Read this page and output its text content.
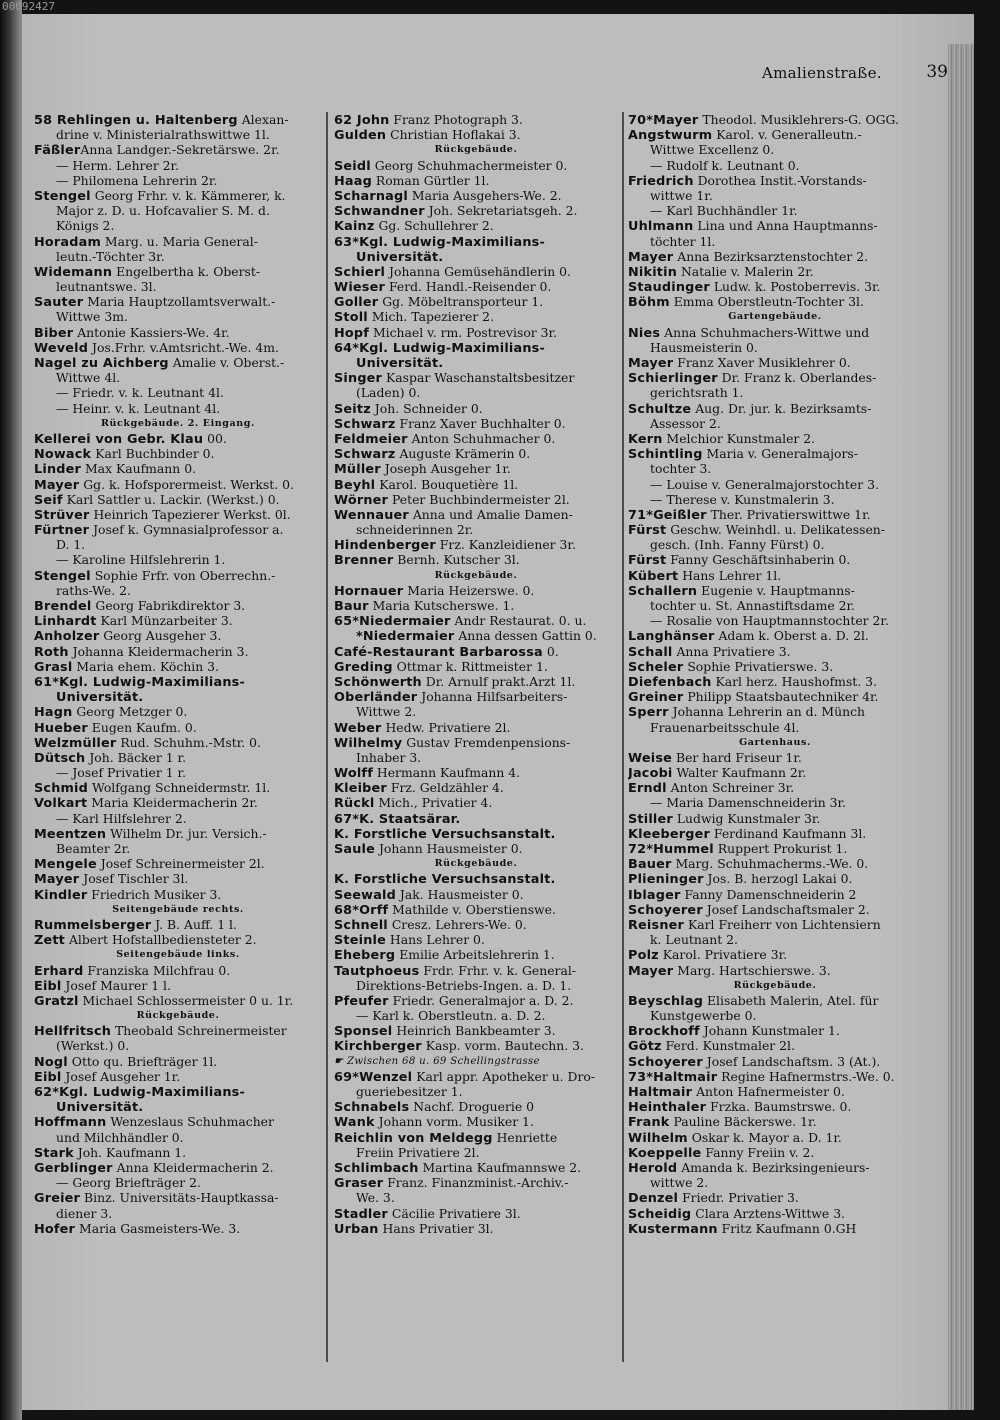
00092427
Amalienstraße.	39
58 Rehlingen u. Haltenberg Alexan-
drine v. Ministerialrathswittwe 1l.
FäßlerAnna Landger.-Sekretärswe. 2r.
— Herm. Lehrer 2r.
— Philomena Lehrerin 2r.
Stengel Georg Frhr. v. k. Kämmerer, k.
Major z. D. u. Hofcavalier S. M. d.
Königs 2.
Horadam Marg. u. Maria General-
leutn.-Töchter 3r.
Widemann Engelbertha k. Oberst-
leutnantswe. 3l.
Sauter Maria Hauptzollamtsverwalt.-
Wittwe 3m.
Biber Antonie Kassiers-We. 4r.
Weveld Jos.Frhr. v.Amtsricht.-We. 4m.
Nagel zu Aichberg Amalie v. Oberst.-
Wittwe 4l.
— Friedr. v. k. Leutnant 4l.
— Heinr. v. k. Leutnant 4l.
Rückgebäude. 2. Eingang.
Kellerei von Gebr. Klau 00.
Nowack Karl Buchbinder 0.
Linder Max Kaufmann 0.
Mayer Gg. k. Hofsporermeist. Werkst. 0.
Seif Karl Sattler u. Lackir. (Werkst.) 0.
Strüver Heinrich Tapezierer Werkst. 0l.
Fürtner Josef k. Gymnasialprofessor a.
D. 1.
— Karoline Hilfslehrerin 1.
Stengel Sophie Frfr. von Oberrechn.-
raths-We. 2.
Brendel Georg Fabrikdirektor 3.
Linhardt Karl Münzarbeiter 3.
Anholzer Georg Ausgeher 3.
Roth Johanna Kleidermacherin 3.
Grasl Maria ehem. Köchin 3.
61*Kgl. Ludwig-Maximilians-
Universität.
Hagn Georg Metzger 0.
Hueber Eugen Kaufm. 0.
Welzmüller Rud. Schuhm.-Mstr. 0.
Dütsch Joh. Bäcker 1 r.
— Josef Privatier 1 r.
Schmid Wolfgang Schneidermstr. 1l.
Volkart Maria Kleidermacherin 2r.
— Karl Hilfslehrer 2.
Meentzen Wilhelm Dr. jur. Versich.-
Beamter 2r.
Mengele Josef Schreinermeister 2l.
Mayer Josef Tischler 3l.
Kindler Friedrich Musiker 3.
Seitengebäude rechts.
Rummelsberger J. B. Auff. 1 l.
Zett Albert Hofstallbediensteter 2.
Seitengebäude links.
Erhard Franziska Milchfrau 0.
Eibl Josef Maurer 1 l.
Gratzl Michael Schlossermeister 0 u. 1r.
Rückgebäude.
Hellfritsch Theobald Schreinermeister
(Werkst.) 0.
Nogl Otto qu. Briefträger 1l.
Eibl Josef Ausgeher 1r.
62*Kgl. Ludwig-Maximilians-
Universität.
Hoffmann Wenzeslaus Schuhmacher
und Milchhändler 0.
Stark Joh. Kaufmann 1.
Gerblinger Anna Kleidermacherin 2.
— Georg Briefträger 2.
Greier Binz. Universitäts-Hauptkassa-
diener 3.
Hofer Maria Gasmeisters-We. 3.
62 John Franz Photograph 3.
Gulden Christian Hoflakai 3.
Rückgebäude.
Seidl Georg Schuhmachermeister 0.
Haag Roman Gürtler 1l.
Scharnagl Maria Ausgehers-We. 2.
Schwandner Joh. Sekretariatsgeh. 2.
Kainz Gg. Schullehrer 2.
63*Kgl. Ludwig-Maximilians-
Universität.
Schierl Johanna Gemüsehändlerin 0.
Wieser Ferd. Handl.-Reisender 0.
Goller Gg. Möbeltransporteur 1.
Stoll Mich. Tapezierer 2.
Hopf Michael v. rm. Postrevisor 3r.
64*Kgl. Ludwig-Maximilians-
Universität.
Singer Kaspar Waschanstaltsbesitzer
(Laden) 0.
Seitz Joh. Schneider 0.
Schwarz Franz Xaver Buchhalter 0.
Feldmeier Anton Schuhmacher 0.
Schwarz Auguste Krämerin 0.
Müller Joseph Ausgeher 1r.
Beyhl Karol. Bouquetière 1l.
Wörner Peter Buchbindermeister 2l.
Wennauer Anna und Amalie Damen-
schneiderinnen 2r.
Hindenberger Frz. Kanzleidiener 3r.
Brenner Bernh. Kutscher 3l.
Rückgebäude.
Hornauer Maria Heizerswe. 0.
Baur Maria Kutscherswe. 1.
65*Niedermaier Andr Restaurat. 0. u.
*Niedermaier Anna dessen Gattin 0.
Café-Restaurant Barbarossa 0.
Greding Ottmar k. Rittmeister 1.
Schönwerth Dr. Arnulf prakt.Arzt 1l.
Oberländer Johanna Hilfsarbeiters-
Wittwe 2.
Weber Hedw. Privatiere 2l.
Wilhelmy Gustav Fremdenpensions-
Inhaber 3.
Wolff Hermann Kaufmann 4.
Kleiber Frz. Geldzähler 4.
Rückl Mich., Privatier 4.
67*K. Staatsärar.
K. Forstliche Versuchsanstalt.
Saule Johann Hausmeister 0.
Rückgebäude.
K. Forstliche Versuchsanstalt.
Seewald Jak. Hausmeister 0.
68*Orff Mathilde v. Oberstienswe.
Schnell Cresz. Lehrers-We. 0.
Steinle Hans Lehrer 0.
Eheberg Emilie Arbeitslehrerin 1.
Tautphoeus Frdr. Frhr. v. k. General-
Direktions-Betriebs-Ingen. a. D. 1.
Pfeufer Friedr. Generalmajor a. D. 2.
— Karl k. Oberstleutn. a. D. 2.
Sponsel Heinrich Bankbeamter 3.
Kirchberger Kasp. vorm. Bautechn. 3.
☛ Zwischen 68 u. 69 Schellingstrasse
69*Wenzel Karl appr. Apotheker u. Dro-
gueriebesitzer 1.
Schnabels Nachf. Droguerie 0
Wank Johann vorm. Musiker 1.
Reichlin von Meldegg Henriette
Freiin Privatiere 2l.
Schlimbach Martina Kaufmannswe 2.
Graser Franz. Finanzminist.-Archiv.-
We. 3.
Stadler Cäcilie Privatiere 3l.
Urban Hans Privatier 3l.
70*Mayer Theodol. Musiklehrers-G. OGG.
Angstwurm Karol. v. Generalleutn.-
Wittwe Excellenz 0.
— Rudolf k. Leutnant 0.
Friedrich Dorothea Instit.-Vorstands-
wittwe 1r.
— Karl Buchhändler 1r.
Uhlmann Lina und Anna Hauptmanns-
töchter 1l.
Mayer Anna Bezirksarztenstochter 2.
Nikitin Natalie v. Malerin 2r.
Staudinger Ludw. k. Postoberrevis. 3r.
Böhm Emma Oberstleutn-Tochter 3l.
Gartengebäude.
Nies Anna Schuhmachers-Wittwe und
Hausmeisterin 0.
Mayer Franz Xaver Musiklehrer 0.
Schierlinger Dr. Franz k. Oberlandes-
gerichtsrath 1.
Schultze Aug. Dr. jur. k. Bezirksamts-
Assessor 2.
Kern Melchior Kunstmaler 2.
Schintling Maria v. Generalmajors-
tochter 3.
— Louise v. Generalmajorstochter 3.
— Therese v. Kunstmalerin 3.
71*Geißler Ther. Privatierswittwe 1r.
Fürst Geschw. Weinhdl. u. Delikatessen-
gesch. (Inh. Fanny Fürst) 0.
Fürst Fanny Geschäftsinhaberin 0.
Kübert Hans Lehrer 1l.
Schallern Eugenie v. Hauptmanns-
tochter u. St. Annastiftsdame 2r.
— Rosalie von Hauptmannstochter 2r.
Langhänser Adam k. Oberst a. D. 2l.
Schall Anna Privatiere 3.
Scheler Sophie Privatierswe. 3.
Diefenbach Karl herz. Haushofmst. 3.
Greiner Philipp Staatsbautechniker 4r.
Sperr Johanna Lehrerin an d. Münch
Frauenarbeitsschule 4l.
Gartenhaus.
Weise Ber hard Friseur 1r.
Jacobi Walter Kaufmann 2r.
Erndl Anton Schreiner 3r.
— Maria Damenschneiderin 3r.
Stiller Ludwig Kunstmaler 3r.
Kleeberger Ferdinand Kaufmann 3l.
72*Hummel Ruppert Prokurist 1.
Bauer Marg. Schuhmacherms.-We. 0.
Plieninger Jos. B. herzogl Lakai 0.
Iblager Fanny Damenschneiderin 2
Schoyerer Josef Landschaftsmaler 2.
Reisner Karl Freiherr von Lichtensiern
k. Leutnant 2.
Polz Karol. Privatiere 3r.
Mayer Marg. Hartschierswe. 3.
Rückgebäude.
Beyschlag Elisabeth Malerin, Atel. für
Kunstgewerbe 0.
Brockhoff Johann Kunstmaler 1.
Götz Ferd. Kunstmaler 2l.
Schoyerer Josef Landschaftsm. 3 (At.).
73*Haltmair Regine Hafnermstrs.-We. 0.
Haltmair Anton Hafnermeister 0.
Heinthaler Frzka. Baumstrswe. 0.
Frank Pauline Bäckerswe. 1r.
Wilhelm Oskar k. Mayor a. D. 1r.
Koeppelle Fanny Freiin v. 2.
Herold Amanda k. Bezirksingenieurs-
wittwe 2.
Denzel Friedr. Privatier 3.
Scheidig Clara Arztens-Wittwe 3.
Kustermann Fritz Kaufmann 0.GH
